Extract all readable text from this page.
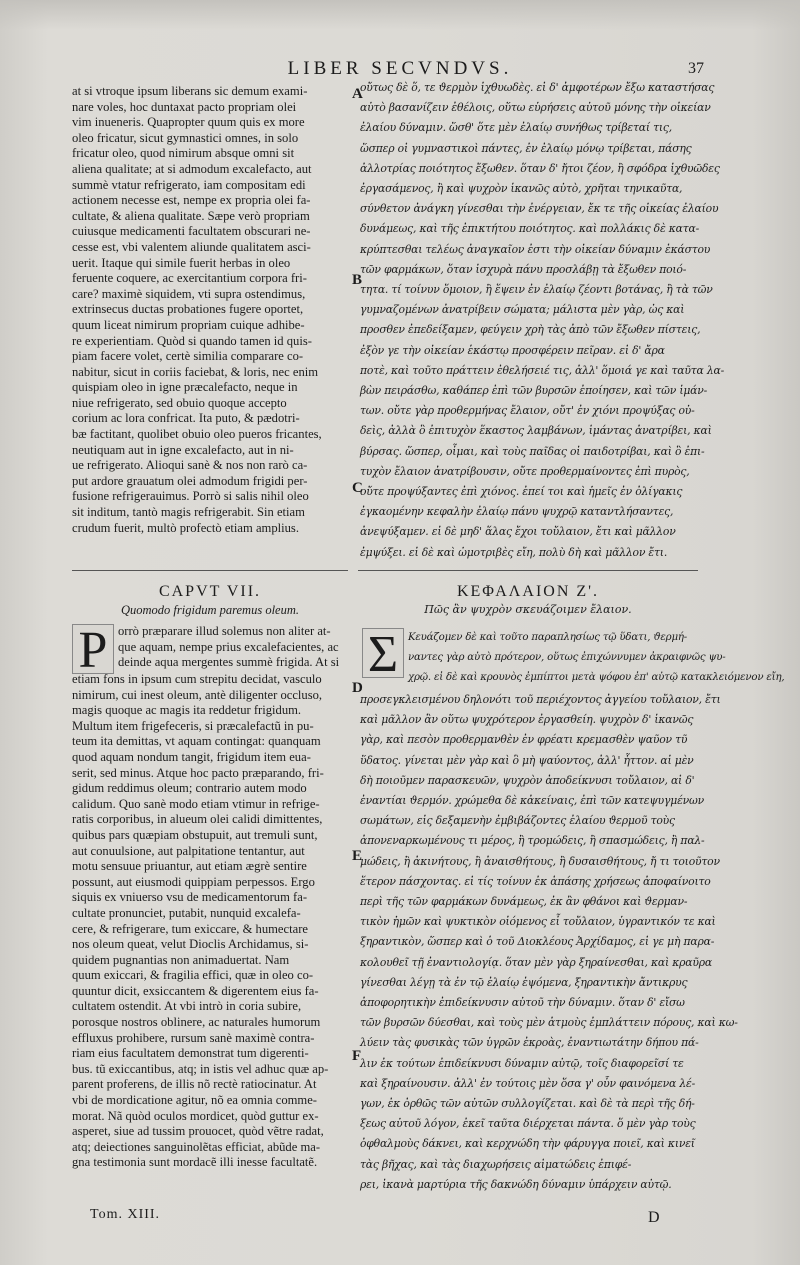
LIBER SECVNDVS.	37

at si vtroque ipsum liberans sic demum exami-
nare voles, hoc duntaxat pacto propriam olei
vim inueneris. Quapropter quum quis ex more
oleo fricatur, sicut gymnastici omnes, in solo
fricatur oleo, quod nimirum absque omni sit
aliena qualitate; at si admodum excalefacto, aut
summè vtatur refrigerato, iam compositam edi
actionem necesse est, nempe ex propria olei fa-
cultate, & aliena qualitate. Sæpe verò propriam
cuiusque medicamenti facultatem obscurari ne-
cesse est, vbi valentem aliunde qualitatem asci-
uerit. Itaque qui simile fuerit herbas in oleo
feruente coquere, ac exercitantium corpora fri-
care? maximè siquidem, vti supra ostendimus,
extrinsecus ductas probationes fugere oportet,
quum liceat nimirum propriam cuique adhibe-
re experientiam. Quòd si quando tamen id quis-
piam facere volet, certè similia comparare co-
nabitur, sicut in coriis faciebat, & loris, nec enim
quispiam oleo in igne præcalefacto, neque in
niue refrigerato, sed obuio quoque accepto
corium ac lora confricat. Ita puto, & pædotri-
bæ factitant, quolibet obuio oleo pueros fricantes,
neutiquam aut in igne excalefacto, aut in ni-
ue refrigerato. Alioqui sanè & nos non rarò ca-
put ardore grauatum olei admodum frigidi per-
fusione refrigerauimus. Porrò si salis nihil oleo
sit inditum, tantò magis refrigerabit. Sin etiam
crudum fuerit, multò profectò etiam amplius.

οὔτως δὲ ὅ, τε ϑερμὸν ἰχθυωδὲς. εἰ δ' ἀμφοτέρων ἔξω καταστήσας
αὐτὸ βασανίζειν ἐθέλοις, οὕτω εὑρήσεις αὐτοῦ μόνης τὴν οἰκείαν
ἐλαίου δύναμιν. ὥσθ' ὅτε μὲν ἐλαίῳ συνήθως τρίβεταί τις,
ὥσπερ οἱ γυμναστικοὶ πάντες, ἐν ἐλαίῳ μόνῳ τρίβεται, πάσης
ἀλλοτρίας ποιότητος ἔξωθεν. ὅταν δ' ἤτοι ζέον, ἢ σφόδρα ἰχθυῶδες
ἐργασάμενος, ἢ καὶ ψυχρὸν ἱκανῶς αὐτὸ, χρῆται τηνικαῦτα,
σύνθετον ἀνάγκη γίνεσθαι τὴν ἐνέργειαν, ἔκ τε τῆς οἰκείας ἐλαίου
δυνάμεως, καὶ τῆς ἐπικτήτου ποιότητος. καὶ πολλάκις δὲ κατα-
κρύπτεσθαι τελέως ἀναγκαῖον ἐστι τὴν οἰκείαν δύναμιν ἑκάστου
τῶν φαρμάκων, ὅταν ἰσχυρὰ πάνυ προσλάβῃ τὰ ἔξωθεν ποιό-
τητα. τί τοίνυν ὅμοιον, ἢ ἕψειν ἐν ἐλαίῳ ζέοντι βοτάνας, ἢ τὰ τῶν
γυμναζομένων ἀνατρίβειν σώματα; μάλιστα μὲν γὰρ, ὡς καὶ
προσθεν ἐπεδείξαμεν, φεύγειν χρὴ τὰς ἀπὸ τῶν ἔξωθεν πίστεις,
ἐξὸν γε τὴν οἰκείαν ἑκάστῳ προσφέρειν πεῖραν. εἰ δ' ἄρα
ποτὲ, καὶ τοῦτο πράττειν ἐθελήσειέ τις, ἀλλ' ὅμοιά γε καὶ ταῦτα λα-
βὼν πειράσθω, καθάπερ ἐπὶ τῶν βυρσῶν ἐποίησεν, καὶ τῶν ἱμάν-
των. οὔτε γὰρ προθερμήνας ἔλαιον, οὔτ' ἐν χιόνι προψύξας οὐ-
δεὶς, ἀλλὰ ὃ ἐπιτυχὸν ἕκαστος λαμβάνων, ἱμάντας ἀνατρίβει, καὶ
βύρσας. ὥσπερ, οἶμαι, καὶ τοὺς παῖδας οἱ παιδοτρίβαι, καὶ ὃ ἐπι-
τυχὸν ἔλαιον ἀνατρίβουσιν, οὔτε προθερμαίνοντες ἐπὶ πυρὸς,
οὔτε προψύξαντες ἐπὶ χιόνος. ἐπεί τοι καὶ ἡμεῖς ἐν ὀλίγακις
ἐγκαομένην κεφαλὴν ἐλαίῳ πάνυ ψυχρῷ καταντλήσαντες,
ἀνεψύξαμεν. εἰ δὲ μηδ' ἅλας ἔχοι τοὔλαιον, ἔτι καὶ μᾶλλον
ἐμψύξει. εἰ δὲ καὶ ὠμοτριβὲς εἴη, πολὺ δὴ καὶ μᾶλλον ἔτι.

CAPVT VII.
Quomodo frigidum paremus oleum.
ΚΕΦΑΛΑΙΟΝ Ζ'.
Πῶς ἂν ψυχρὸν σκευάζοιμεν ἔλαιον.
P orrò præparare illud solemus non aliter at-
que aquam, nempe prius excalefacientes, ac
deinde aqua mergentes summè frigida. At si

etiam fons in ipsum cum strepitu decidat, vasculo
nimirum, cui inest oleum, antè diligenter occluso,
magis quoque ac magis ita reddetur frigidum.
Multum item frigefeceris, si præcalefactũ in pu-
teum ita demittas, vt aquam contingat: quanquam
quod aquam nondum tangit, frigidum item eua-
serit, sed minus. Atque hoc pacto præparando, fri-
gidum reddimus oleum; contrario autem modo
calidum. Quo sanè modo etiam vtimur in refrige-
ratis corporibus, in alueum olei calidi dimittentes,
quibus pars quæpiam obstupuit, aut tremuli sunt,
aut conuulsione, aut palpitatione tentantur, aut
motu sensuue priuantur, aut etiam ægrè sentire
possunt, aut eiusmodi quippiam perpessos. Ergo
siquis ex vniuerso vsu de medicamentorum fa-
cultate pronunciet, putabit, nunquid excalefa-
cere, & refrigerare, tum exiccare, & humectare
nos oleum queat, velut Dioclis Archidamus, si-
quidem pugnantias non animaduertat. Nam
quum exiccari, & fragilia effici, quæ in oleo co-
quuntur dicit, exsiccantem & digerentem eius fa-
cultatem ostendit. At vbi intrò in coria subire,
porosque nostros oblinere, ac naturales humorum
effluxus prohibere, rursum sanè maximè contra-
riam eius facultatem demonstrat tum digerenti-
bus. tũ exiccantibus, atq; in istis vel adhuc quæ ap-
parent proferens, de illis nõ rectè ratiocinatur. At
vbi de mordicatione agitur, nõ ea omnia comme-
morat. Nã quòd oculos mordicet, quòd guttur ex-
asperet, siue ad tussim prouocet, quòd vẽtre radat,
atq; deiectiones sanguinolẽtas efficiat, abũde ma-
gna testimonia sunt mordacẽ illi inesse facultatẽ.

Σ Κευάζομεν δὲ καὶ τοῦτο παραπλησίως τῷ ὕδατι, ϑερμή-
ναντες γὰρ αὐτὸ πρότερον, οὕτως ἐπιχώννυμεν ἀκραιφνῶς ψυ-
χρῷ. εἰ δὲ καὶ κρουνὸς ἐμπίπτοι μετὰ ψόφου ἐπ' αὐτῷ κατακλειόμενον εἴη,

προσεγκλεισμένου δηλονότι τοῦ περιέχοντος ἀγγείου τοὔλαιον, ἔτι
καὶ μᾶλλον ἂν οὕτω ψυχρότερον ἐργασθείη. ψυχρὸν δ' ἱκανῶς
γὰρ, καὶ πεσὸν προθερμανθὲν ἐν φρέατι κρεμασθὲν ψαῦον τῦ
ὕδατος. γίνεται μὲν γὰρ καὶ ὃ μὴ ψαύοντος, ἀλλ' ἧττον. αἰ μὲν
δὴ ποιοῦμεν παρασκευῶν, ψυχρὸν ἀποδείκνυσι τοὔλαιον, αἱ δ'
ἐναντίαι ϑερμόν. χρώμεθα δὲ κἀκείναις, ἐπὶ τῶν κατεψυγμένων
σωμάτων, εἰς δεξαμενὴν ἐμβιβάζοντες ἐλαίου ϑερμοῦ τοὺς
ἀπονεναρκωμένους τι μέρος, ἢ τρομώδεις, ἢ σπασμώδεις, ἢ παλ-
μώδεις, ἢ ἀκινήτους, ἢ ἀναισθήτους, ἢ δυσαισθήτους, ἤ τι τοιοῦτον
ἕτερον πάσχοντας. εἰ τίς τοίνυν ἐκ ἁπάσης χρήσεως ἀποφαίνοιτο
περὶ τῆς τῶν φαρμάκων δυνάμεως, ἐκ ἂν φθάνοι καὶ ϑερμαν-
τικὸν ἡμῶν καὶ ψυκτικὸν οἰόμενος εἶ τοὔλαιον, ὑγραντικόν τε καὶ
ξηραντικὸν, ὥσπερ καὶ ὁ τοῦ Διοκλέους Ἀρχίδαμος, εἰ γε μὴ παρα-
κολουθεῖ τῇ ἐναντιολογίᾳ. ὅταν μὲν γὰρ ξηραίνεσθαι, καὶ κραῦρα
γίνεσθαι λέγῃ τὰ ἐν τῷ ἐλαίῳ ἑψόμενα, ξηραντικὴν ἄντικρυς
ἀποφορητικὴν ἐπιδείκνυσιν αὐτοῦ τὴν δύναμιν. ὅταν δ' εἴσω
τῶν βυρσῶν δύεσθαι, καὶ τοὺς μὲν ἀτμοὺς ἐμπλάττειν πόρους, καὶ κω-
λύειν τὰς φυσικὰς τῶν ὑγρῶν ἐκροὰς, ἐναντιωτάτην δήπου πά-
λιν ἐκ τούτων ἐπιδείκνυσι δύναμιν αὐτῷ, τοῖς διαφορεῖσί τε
καὶ ξηραίνουσιν. ἀλλ' ἐν τούτοις μὲν ὅσα γ' οὖν φαινόμενα λέ-
γων, ἐκ ὀρθῶς τῶν αὐτῶν συλλογίζεται. καὶ δὲ τὰ περὶ τῆς δή-
ξεως αὐτοῦ λόγον, ἐκεῖ ταῦτα διέρχεται πάντα. ὅ μὲν γὰρ τοὺς
ὀφθαλμοὺς δάκνει, καὶ κερχνώδη τὴν φάρυγγα ποιεῖ, καὶ κινεῖ
τὰς βῆχας, καὶ τὰς διαχωρήσεις αἱματώδεις ἐπιφέ-
ρει, ἱκανὰ μαρτύρια τῆς δακνώδη δύναμιν ὑπάρχειν αὐτῷ.

A
B
C
D
E
F
Tom. XIII.	D
